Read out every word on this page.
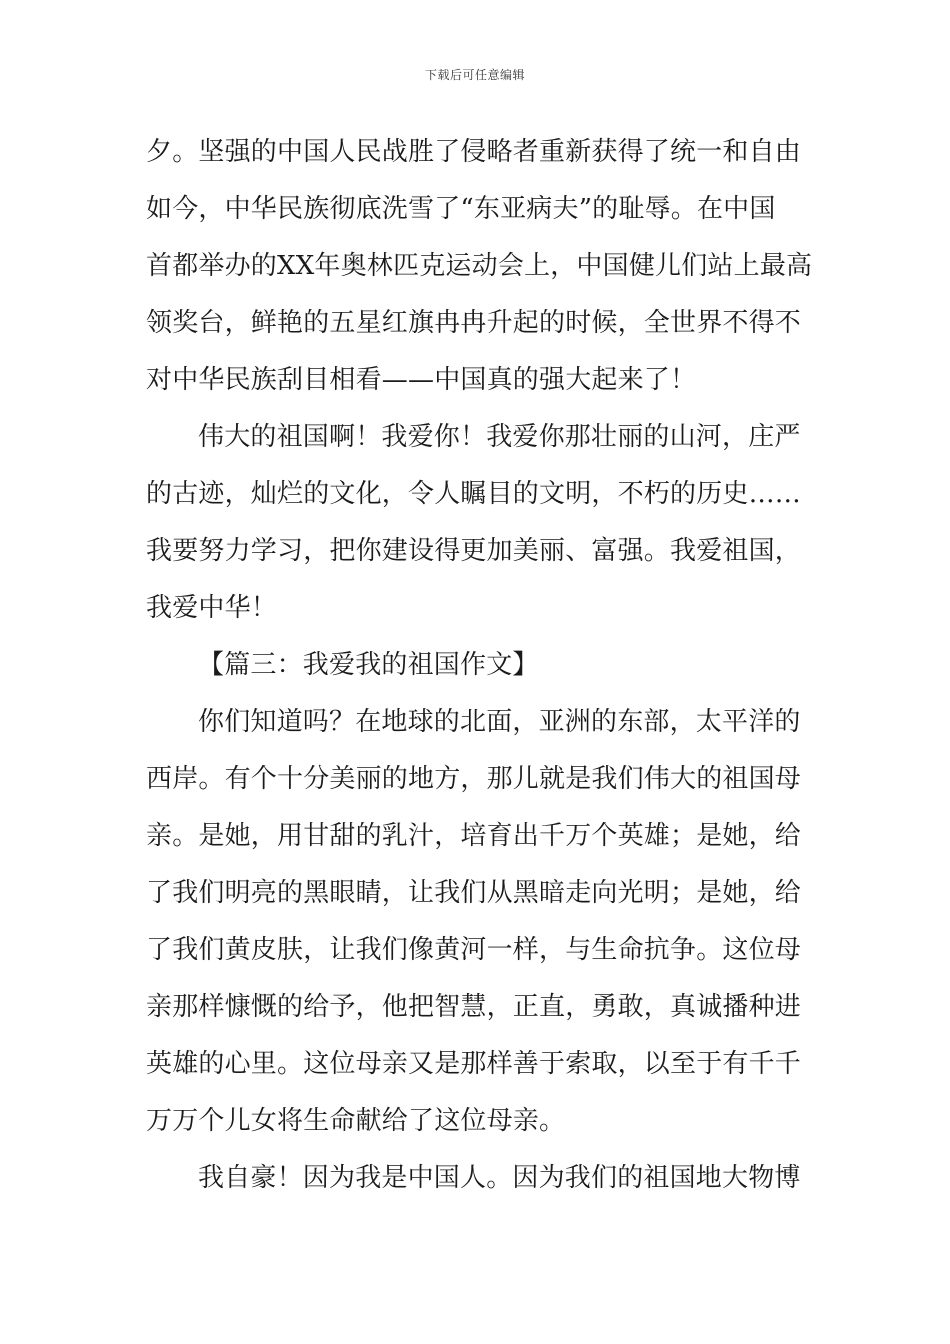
下载后可任意编辑
夕。坚强的中国人民战胜了侵略者重新获得了统一和自由
如今，中华民族彻底洗雪了“东亚病夫”的耻辱。在中国
首都举办的XX年奥林匹克运动会上，中国健儿们站上最高
领奖台，鲜艳的五星红旗冉冉升起的时候，全世界不得不
对中华民族刮目相看——中国真的强大起来了！
伟大的祖国啊！我爱你！我爱你那壮丽的山河，庄严
的古迹，灿烂的文化，令人瞩目的文明，不朽的历史……
我要努力学习，把你建设得更加美丽、富强。我爱祖国，
我爱中华！
【篇三：我爱我的祖国作文】
你们知道吗？在地球的北面，亚洲的东部，太平洋的
西岸。有个十分美丽的地方，那儿就是我们伟大的祖国母
亲。是她，用甘甜的乳汁，培育出千万个英雄；是她，给
了我们明亮的黑眼睛，让我们从黑暗走向光明；是她，给
了我们黄皮肤，让我们像黄河一样，与生命抗争。这位母
亲那样慷慨的给予，他把智慧，正直，勇敢，真诚播种进
英雄的心里。这位母亲又是那样善于索取，以至于有千千
万万个儿女将生命献给了这位母亲。
我自豪！因为我是中国人。因为我们的祖国地大物博
